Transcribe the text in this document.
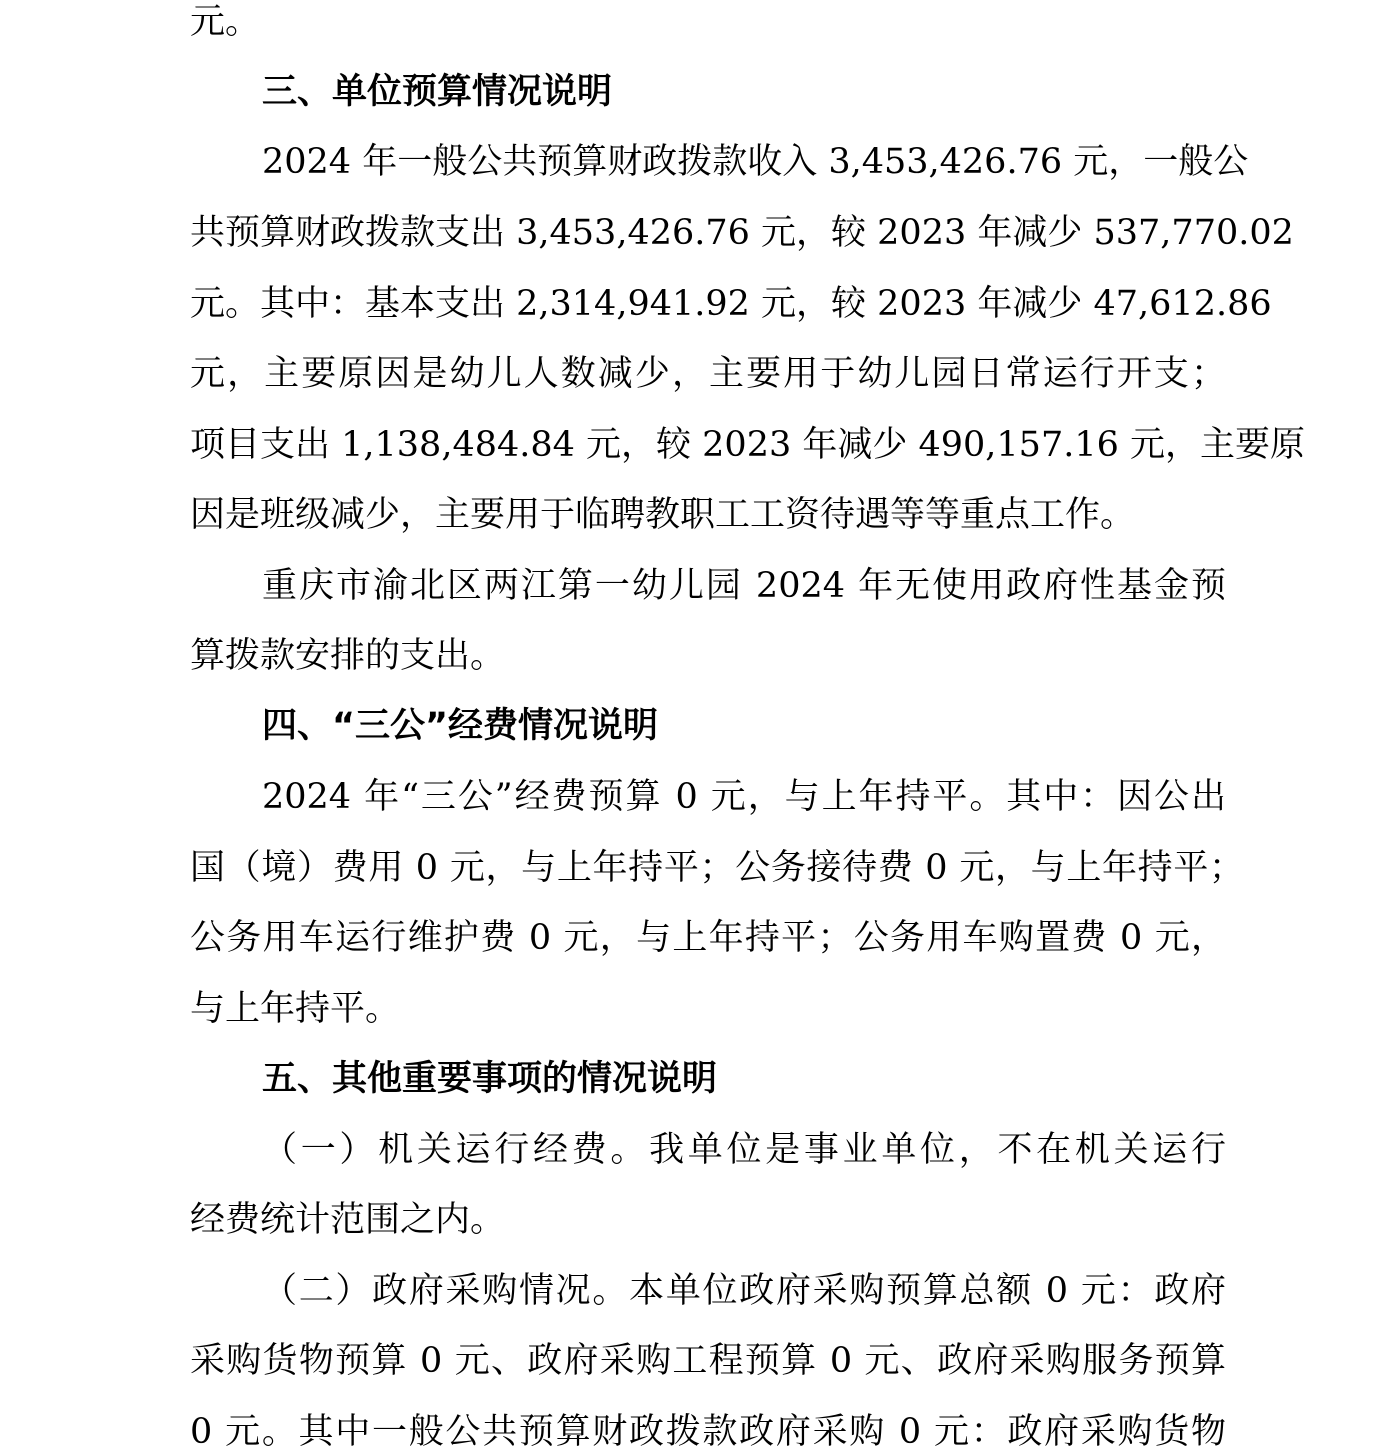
元。
三、单位预算情况说明
2024 年一般公共预算财政拨款收入 3,453,426.76 元，一般公
共预算财政拨款支出 3,453,426.76 元，较 2023 年减少 537,770.02
元。其中：基本支出 2,314,941.92 元，较 2023 年减少 47,612.86
元，主要原因是幼儿人数减少，主要用于幼儿园日常运行开支；
项目支出 1,138,484.84 元，较 2023 年减少 490,157.16 元，主要原
因是班级减少，主要用于临聘教职工工资待遇等等重点工作。
重庆市渝北区两江第一幼儿园 2024 年无使用政府性基金预
算拨款安排的支出。
四、“三公”经费情况说明
2024 年“三公”经费预算 0 元，与上年持平。其中：因公出
国（境）费用 0 元，与上年持平；公务接待费 0 元，与上年持平；
公务用车运行维护费 0 元，与上年持平；公务用车购置费 0 元，
与上年持平。
五、其他重要事项的情况说明
（一）机关运行经费。我单位是事业单位，不在机关运行
经费统计范围之内。
（二）政府采购情况。本单位政府采购预算总额 0 元：政府
采购货物预算 0 元、政府采购工程预算 0 元、政府采购服务预算
0 元。其中一般公共预算财政拨款政府采购 0 元：政府采购货物
